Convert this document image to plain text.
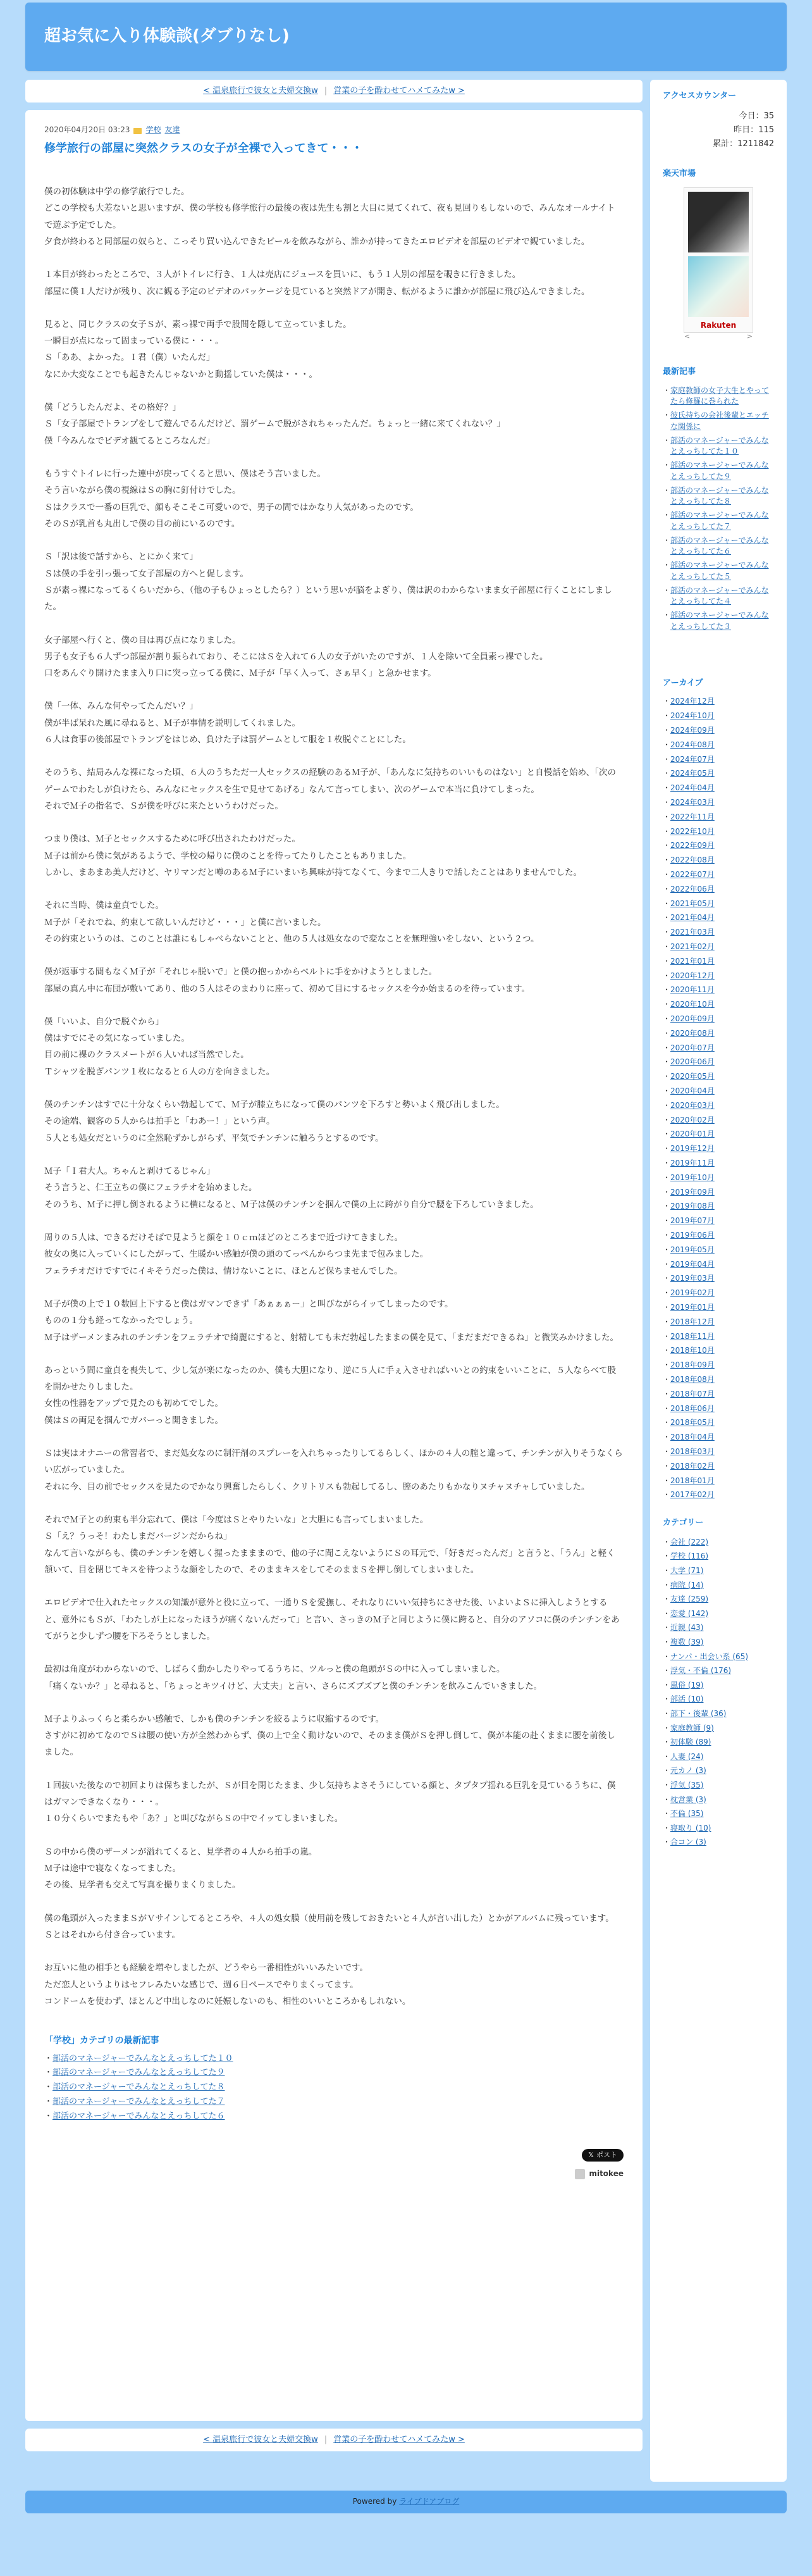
超お気に入り体験談(ダブりなし)
< 温泉旅行で彼女と夫婦交換w | 営業の子を酔わせてハメてみたw >
2020年04月20日 03:23 学校 友達
修学旅行の部屋に突然クラスの女子が全裸で入ってきて・・・

僕の初体験は中学の修学旅行でした。
どこの学校も大差ないと思いますが、僕の学校も修学旅行の最後の夜は先生も割と大目に見てくれて、夜も見回りもしないので、みんなオールナイトで遊ぶ予定でした。
夕食が終わると同部屋の奴らと、こっそり買い込んできたビールを飲みながら、誰かが持ってきたエロビデオを部屋のビデオで観ていました。

１本目が終わったところで、３人がトイレに行き、１人は売店にジュースを買いに、もう１人別の部屋を覗きに行きました。
部屋に僕１人だけが残り、次に観る予定のビデオのパッケージを見ていると突然ドアが開き、転がるように誰かが部屋に飛び込んできました。

見ると、同じクラスの女子Ｓが、素っ裸で両手で股間を隠して立っていました。
一瞬目が点になって固まっている僕に・・・。
Ｓ「ああ、よかった。Ｉ君（僕）いたんだ」
なにか大変なことでも起きたんじゃないかと動揺していた僕は・・・。

僕「どうしたんだよ、その格好？」
Ｓ「女子部屋でトランプをして遊んでるんだけど、罰ゲームで脱がされちゃったんだ。ちょっと一緒に来てくれない？」
僕「今みんなでビデオ観てるところなんだ」

もうすぐトイレに行った連中が戻ってくると思い、僕はそう言いました。
そう言いながら僕の視線はＳの胸に釘付けでした。
Ｓはクラスで一番の巨乳で、顔もそこそこ可愛いので、男子の間ではかなり人気があったのです。
そのＳが乳首も丸出しで僕の目の前にいるのです。

Ｓ「訳は後で話すから、とにかく来て」
Ｓは僕の手を引っ張って女子部屋の方へと促します。
Ｓが素っ裸になってるくらいだから、（他の子もひょっとしたら？）という思いが脳をよぎり、僕は訳のわからないまま女子部屋に行くことにしました。

女子部屋へ行くと、僕の目は再び点になりました。
男子も女子も６人ずつ部屋が割り振られており、そこにはＳを入れて６人の女子がいたのですが、１人を除いて全員素っ裸でした。
口をあんぐり開けたまま入り口に突っ立ってる僕に、Ｍ子が「早く入って、さぁ早く」と急かせます。

僕「一体、みんな何やってたんだい？」
僕が半ば呆れた風に尋ねると、Ｍ子が事情を説明してくれました。
６人は食事の後部屋でトランプをはじめ、負けた子は罰ゲームとして服を１枚脱ぐことにした。

そのうち、結局みんな裸になった頃、６人のうちただ一人セックスの経験のあるＭ子が、「あんなに気持ちのいいものはない」と自慢話を始め、「次のゲームでわたしが負けたら、みんなにセックスを生で見せてあげる」なんて言ってしまい、次のゲームで本当に負けてしまった。
それでＭ子の指名で、Ｓが僕を呼びに来たというわけだった。

つまり僕は、Ｍ子とセックスするために呼び出されたわけだった。
Ｍ子は前から僕に気があるようで、学校の帰りに僕のことを待ってたりしたこともありました。
しかし、まあまあ美人だけど、ヤリマンだと噂のあるＭ子にいまいち興味が持てなくて、今まで二人きりで話したことはありませんでした。

それに当時、僕は童貞でした。
Ｍ子が「それでね、約束して欲しいんだけど・・・」と僕に言いました。
その約束というのは、このことは誰にもしゃべらないことと、他の５人は処女なので変なことを無理強いをしない、という２つ。

僕が返事する間もなくＭ子が「それじゃ脱いで」と僕の抱っかからベルトに手をかけようとしました。
部屋の真ん中に布団が敷いてあり、他の５人はそのまわりに座って、初めて目にするセックスを今か始まるのを待っています。

僕「いいよ、自分で脱ぐから」
僕はすでにその気になっていました。
目の前に裸のクラスメートが６人いれば当然でした。
Ｔシャツを脱ぎパンツ１枚になると６人の方を向きました。

僕のチンチンはすでに十分なくらい勃起してて、Ｍ子が膝立ちになって僕のパンツを下ろすと勢いよく飛び出しました。
その途端、観客の５人からは拍手と「わあー！」という声。
５人とも処女だというのに全然恥ずかしがらず、平気でチンチンに触ろうとするのです。

Ｍ子「Ｉ君大人。ちゃんと剥けてるじゃん」
そう言うと、仁王立ちの僕にフェラチオを始めました。
そのうち、Ｍ子に押し倒されるように横になると、Ｍ子は僕のチンチンを掴んで僕の上に跨がり自分で腰を下ろしていきました。

周りの５人は、できるだけそばで見ようと顔を１０ｃｍほどのところまで近づけてきました。
彼女の奥に入っていくにしたがって、生暖かい感触が僕の頭のてっぺんからつま先まで包みました。
フェラチオだけですでにイキそうだった僕は、情けないことに、ほとんど保ちませんでした。

Ｍ子が僕の上で１０数回上下すると僕はガマンできず「あぁぁぁー」と叫びながらイッてしまったのです。
ものの１分も経ってなかったでしょう。
Ｍ子はザーメンまみれのチンチンをフェラチオで綺麗にすると、射精しても未だ勃起したままの僕を見て、「まだまだできるね」と微笑みかけました。

あっという間に童貞を喪失して、少し気が楽になったのか、僕も大胆になり、逆に５人に手ぇ入させればいいとの約束をいいことに、５人ならべて股を開かせたりしました。
女性の性器をアップで見たのも初めてでした。
僕はＳの両足を掴んでガバーっと開きました。

Ｓは実はオナニーの常習者で、まだ処女なのに制汗剤のスプレーを入れちゃったりしてるらしく、ほかの４人の膣と違って、チンチンが入りそうなくらい広がっていました。
それに今、目の前でセックスを見たのでかなり興奮したらしく、クリトリスも勃起してるし、膣のあたりもかなりヌチャヌチャしていました。

それでＭ子との約束も半分忘れて、僕は「今度はＳとやりたいな」と大胆にも言ってしまいました。
Ｓ「え？うっそ！わたしまだバージンだからね」
なんて言いながらも、僕のチンチンを嬉しく握ったまままので、他の子に聞こえないようにＳの耳元で、「好きだったんだ」と言うと、「うん」と軽く頷いて、目を閉じてキスを待つような顔をしたので、そのままキスをしてそのままＳを押し倒してしまいました。

エロビデオで仕入れたセックスの知識が意外と役に立って、一通りＳを愛撫し、それなりにいい気持ちにさせた後、いよいよＳに挿入しようとすると、意外にもＳが、「わたしが上になったほうが痛くないんだって」と言い、さっきのＭ子と同じように僕に跨ると、自分のアソコに僕のチンチンをあてがうと少しずつ腰を下ろそうとしました。

最初は角度がわからないので、しばらく動かしたりやってるうちに、ツルっと僕の亀頭がＳの中に入ってしまいました。
「痛くないか？」と尋ねると、「ちょっとキツイけど、大丈夫」と言い、さらにズブズブと僕のチンチンを飲みこんでいきました。

Ｍ子よりふっくらと柔らかい感触で、しかも僕のチンチンを絞るように収縮するのです。
さすがに初めてなのでＳは腰の使い方が全然わからず、僕の上で全く動けないので、そのまま僕がＳを押し倒して、僕が本能の赴くままに腰を前後しました。

１回抜いた後なので初回よりは保ちましたが、Ｓが目を閉じたまま、少し気持ちよさそうにしている顔と、タプタプ揺れる巨乳を見ているうちに、僕はガマンできなくなり・・・。
１０分くらいでまたもや「あ？」と叫びながらＳの中でイッてしまいました。

Ｓの中から僕のザーメンが溢れてくると、見学者の４人から拍手の嵐。
Ｍ子は途中で寝なくなってました。
その後、見学者も交えて写真を撮りまくりました。

僕の亀頭が入ったままＳがＶサインしてるところや、４人の処女膜（使用前を残しておきたいと４人が言い出した）とかがアルバムに残っています。
Ｓとはそれから付き合っています。

お互いに他の相手とも経験を増やしましたが、どうやら一番相性がいいみたいです。
ただ恋人というよりはセフレみたいな感じで、週６日ペースでやりまくってます。
コンドームを使わず、ほとんど中出しなのに妊娠しないのも、相性のいいところかもしれない。

「学校」カテゴリの最新記事
・ 部活のマネージャーでみんなとえっちしてた１０
・ 部活のマネージャーでみんなとえっちしてた９
・ 部活のマネージャーでみんなとえっちしてた８
・ 部活のマネージャーでみんなとえっちしてた７
・ 部活のマネージャーでみんなとえっちしてた６
𝕏 ポスト
mitokee
< 温泉旅行で彼女と夫婦交換w | 営業の子を酔わせてハメてみたw >
アクセスカウンター
今日：35
昨日：115
累計：1211842
楽天市場
Rakuten
<	>
最新記事
・ 家庭教師の女子大生とやってたら修羅に巻られた
・ 彼氏持ちの会社後輩とエッチな関係に
・ 部活のマネージャーでみんなとえっちしてた１０
・ 部活のマネージャーでみんなとえっちしてた９
・ 部活のマネージャーでみんなとえっちしてた８
・ 部活のマネージャーでみんなとえっちしてた７
・ 部活のマネージャーでみんなとえっちしてた６
・ 部活のマネージャーでみんなとえっちしてた５
・ 部活のマネージャーでみんなとえっちしてた４
・ 部活のマネージャーでみんなとえっちしてた３
アーカイブ
・ 2024年12月
・ 2024年10月
・ 2024年09月
・ 2024年08月
・ 2024年07月
・ 2024年05月
・ 2024年04月
・ 2024年03月
・ 2022年11月
・ 2022年10月
・ 2022年09月
・ 2022年08月
・ 2022年07月
・ 2022年06月
・ 2021年05月
・ 2021年04月
・ 2021年03月
・ 2021年02月
・ 2021年01月
・ 2020年12月
・ 2020年11月
・ 2020年10月
・ 2020年09月
・ 2020年08月
・ 2020年07月
・ 2020年06月
・ 2020年05月
・ 2020年04月
・ 2020年03月
・ 2020年02月
・ 2020年01月
・ 2019年12月
・ 2019年11月
・ 2019年10月
・ 2019年09月
・ 2019年08月
・ 2019年07月
・ 2019年06月
・ 2019年05月
・ 2019年04月
・ 2019年03月
・ 2019年02月
・ 2019年01月
・ 2018年12月
・ 2018年11月
・ 2018年10月
・ 2018年09月
・ 2018年08月
・ 2018年07月
・ 2018年06月
・ 2018年05月
・ 2018年04月
・ 2018年03月
・ 2018年02月
・ 2018年01月
・ 2017年02月
カテゴリー
・ 会社 (222)
・ 学校 (116)
・ 大学 (71)
・ 病院 (14)
・ 友達 (259)
・ 恋愛 (142)
・ 近親 (43)
・ 複数 (39)
・ ナンパ・出会い系 (65)
・ 浮気・不倫 (176)
・ 風俗 (19)
・ 部活 (10)
・ 部下・後輩 (36)
・ 家庭教師 (9)
・ 初体験 (89)
・ 人妻 (24)
・ 元カノ (3)
・ 浮気 (35)
・ 枕営業 (3)
・ 不倫 (35)
・ 寝取り (10)
・ 合コン (3)
Powered by ライブドアブログ
